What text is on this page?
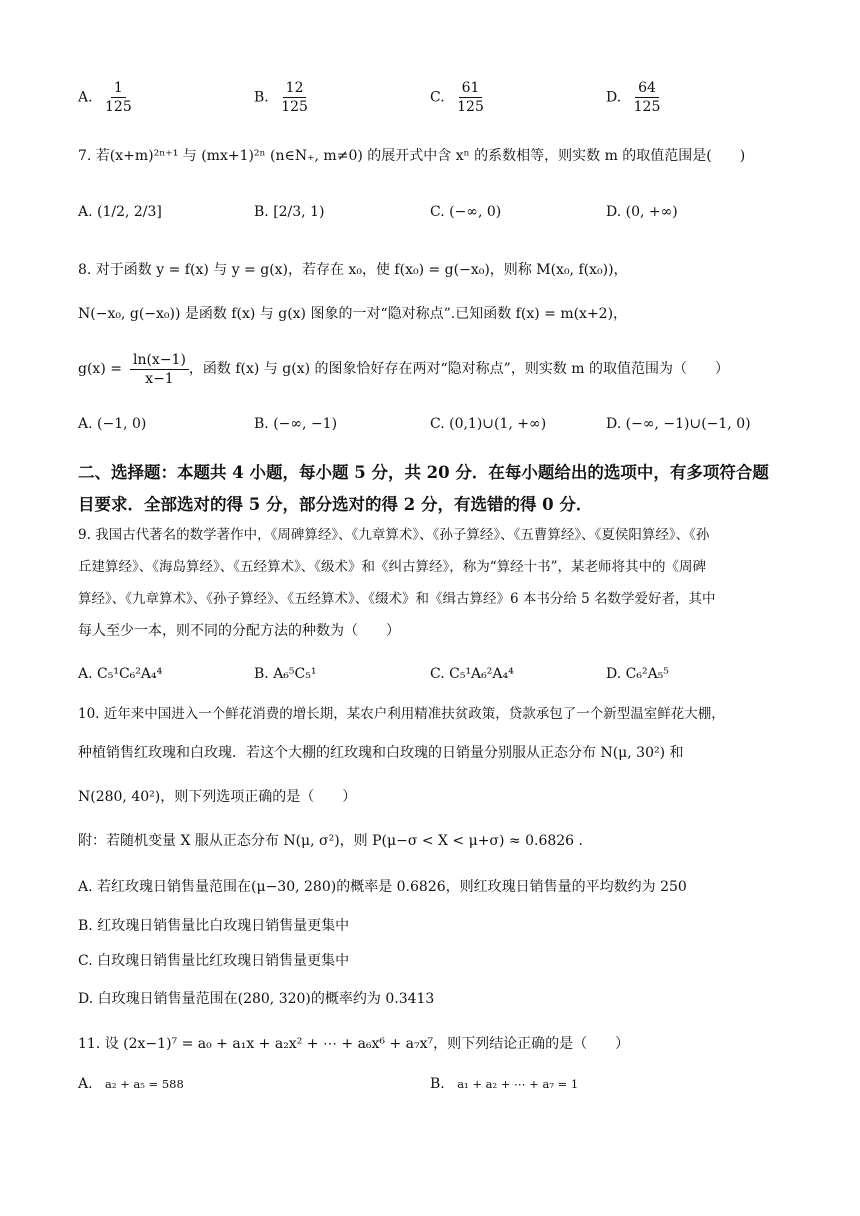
A. $\frac{1}{125}$	B. $\frac{12}{125}$	C. $\frac{61}{125}$	D. $\frac{64}{125}$
7. 若(x+m)²ⁿ⁺¹ 与 (mx+1)²ⁿ (n∈N₊, m≠0) 的展开式中含 xⁿ 的系数相等，则实数 m 的取值范围是(　　)
A. (1/2, 2/3]	B. [2/3, 1)	C. (−∞, 0)	D. (0, +∞)
8. 对于函数 y = f(x) 与 y = g(x)，若存在 x₀，使 f(x₀) = g(−x₀)，则称 M(x₀, f(x₀))，
N(−x₀, g(−x₀)) 是函数 f(x) 与 g(x) 图象的一对“隐对称点”.已知函数 f(x) = m(x+2)，
$g(x) = \frac{\ln(x-1)}{x-1}$ ，函数 f(x) 与 g(x) 的图象恰好存在两对“隐对称点”，则实数 m 的取值范围为（　　）
A. (−1, 0)	B. (−∞, −1)	C. (0,1)∪(1, +∞)	D. (−∞, −1)∪(−1, 0)
二、选择题：本题共 4 小题，每小题 5 分，共 20 分．在每小题给出的选项中，有多项符合题
目要求．全部选对的得 5 分，部分选对的得 2 分，有选错的得 0 分．
9. 我国古代著名的数学著作中，《周碑算经》、《九章算术》、《孙子算经》、《五曹算经》、《夏侯阳算经》、《孙
丘建算经》、《海岛算经》、《五经算术》、《级术》和《纠古算经》，称为“算经十书”，某老师将其中的《周碑
算经》、《九章算术》、《孙子算经》、《五经算术》、《缀术》和《缉古算经》6 本书分给 5 名数学爱好者，其中
每人至少一本，则不同的分配方法的种数为（　　）
A. C₅¹C₆²A₄⁴	B. A₆⁵C₅¹	C. C₅¹A₆²A₄⁴	D. C₆²A₅⁵
10. 近年来中国进入一个鲜花消费的增长期，某农户利用精准扶贫政策，贷款承包了一个新型温室鲜花大棚，
种植销售红玫瑰和白玫瑰．若这个大棚的红玫瑰和白玫瑰的日销量分别服从正态分布 N(μ, 30²) 和
N(280, 40²)，则下列选项正确的是（　　）
附：若随机变量 X 服从正态分布 N(μ, σ²)，则 P(μ−σ < X < μ+σ) ≈ 0.6826 .
A. 若红玫瑰日销售量范围在(μ−30, 280)的概率是 0.6826，则红玫瑰日销售量的平均数约为 250
B. 红玫瑰日销售量比白玫瑰日销售量更集中
C. 白玫瑰日销售量比红玫瑰日销售量更集中
D. 白玫瑰日销售量范围在(280, 320)的概率约为 0.3413
11. 设 (2x−1)⁷ = a₀ + a₁x + a₂x² + ⋯ + a₆x⁶ + a₇x⁷，则下列结论正确的是（　　）
A. a₂ + a₅ = 588	B. a₁ + a₂ + ⋯ + a₇ = 1
